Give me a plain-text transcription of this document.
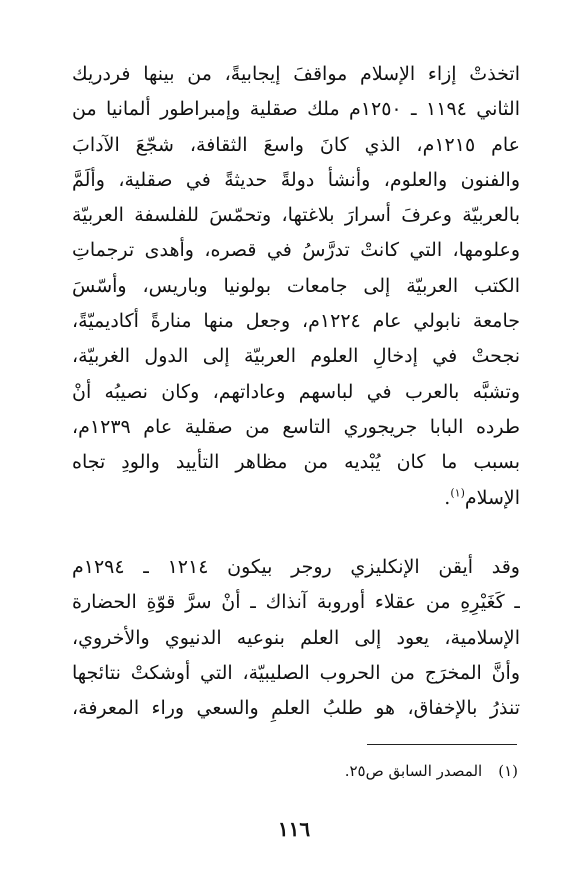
اتخذتْ إزاء الإسلام مواقفَ إيجابيةً، من بينها فردريك
الثاني ١١٩٤ ـ ١٢٥٠م ملك صقلية وإمبراطور ألمانيا من
عام ١٢١٥م، الذي كانَ واسعَ الثقافة، شجّعَ الآدابَ
والفنون والعلوم، وأنشأ دولةً حديثةً في صقلية، وألَمَّ
بالعربيّة وعرفَ أسرارَ بلاغتها، وتحمّسَ للفلسفة العربيّة
وعلومها، التي كانتْ تدرَّسُ في قصره، وأهدى ترجماتِ
الكتب العربيّة إلى جامعات بولونيا وباريس، وأسّسَ
جامعة نابولي عام ١٢٢٤م، وجعل منها منارةً أكاديميّةً،
نجحتْ في إدخالِ العلوم العربيّة إلى الدول الغربيّة،
وتشبَّه بالعرب في لباسهم وعاداتهم، وكان نصيبُه أنْ
طرده البابا جريجوري التاسع من صقلية عام ١٢٣٩م،
بسبب ما كان يُبْديه من مظاهر التأييد والودِ تجاه
الإسلام$^{(١)}$.
وقد أيقن الإنكليزي روجر بيكون ١٢١٤ ـ ١٢٩٤م
ـ كَغَيْرِهِ من عقلاء أوروبة آنذاك ـ أنْ سرَّ قوّةِ الحضارة
الإسلامية، يعود إلى العلم بنوعيه الدنيوي والأخروي،
وأنَّ المخرَج من الحروب الصليبيّة، التي أوشكتْ نتائجها
تنذرُ بالإخفاق، هو طلبُ العلمِ والسعي وراء المعرفة،
(١)المصدر السابق ص٢٥.
١١٦
